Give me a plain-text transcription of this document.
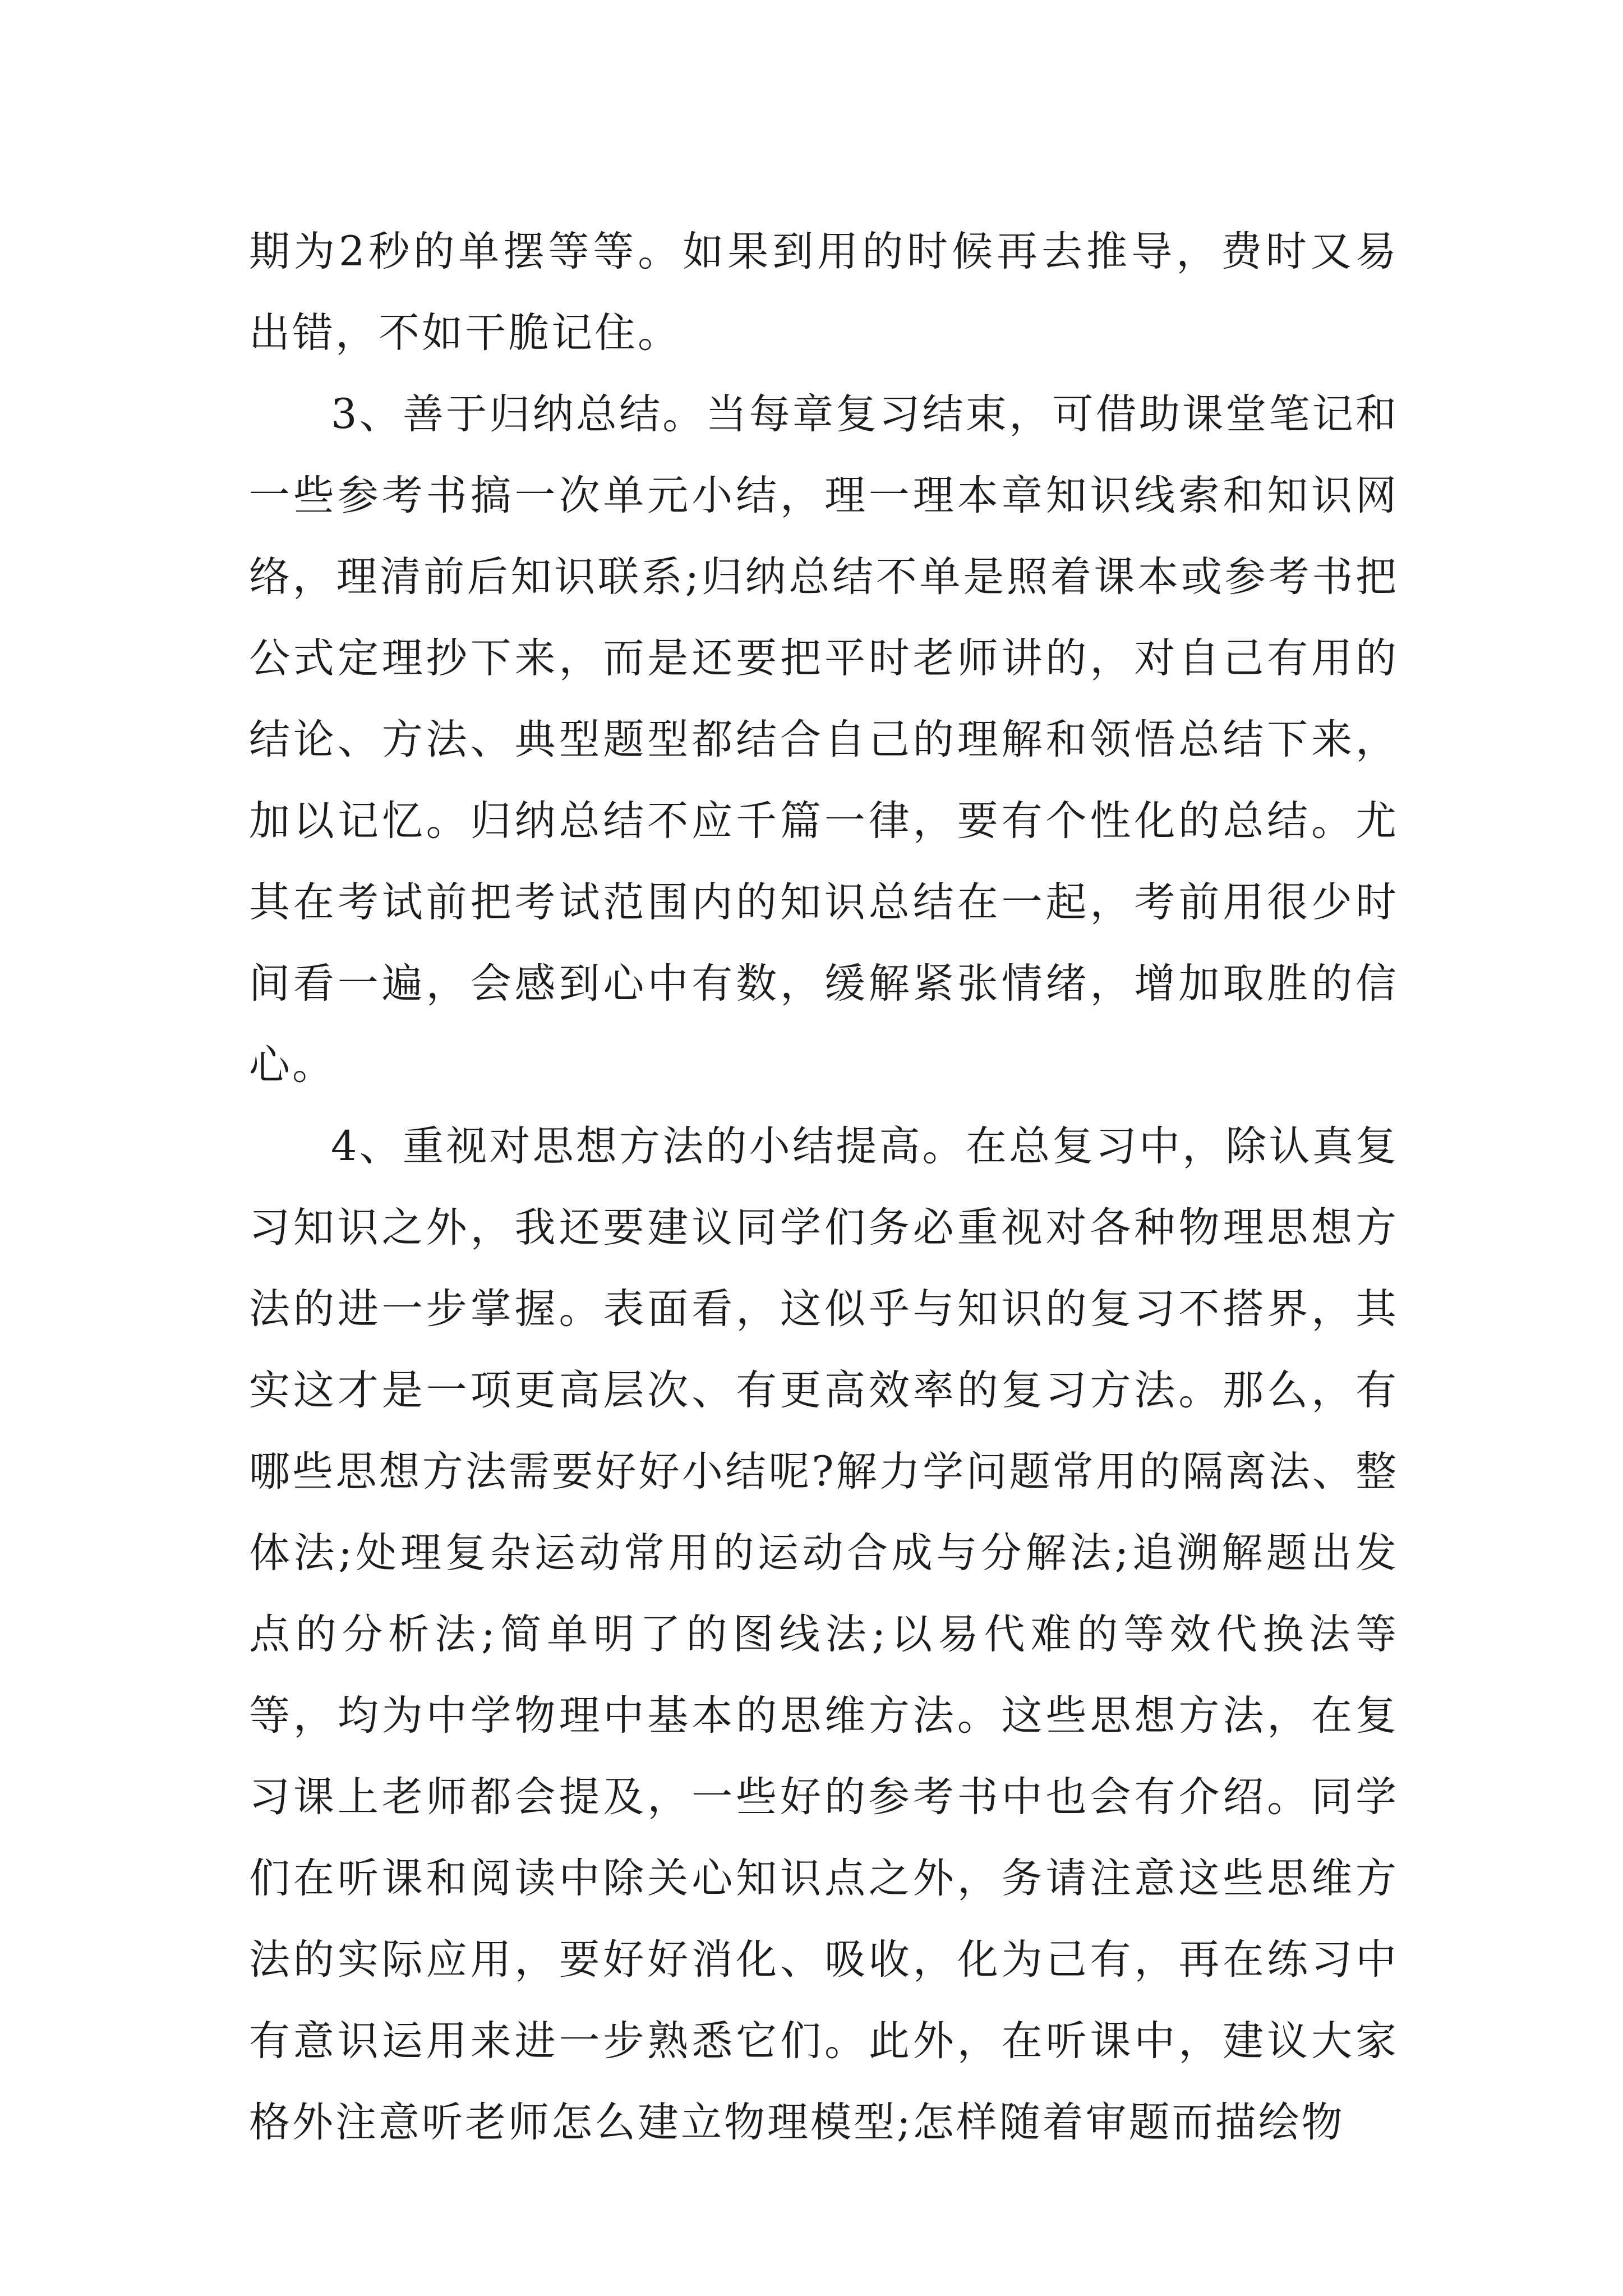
期为2秒的单摆等等。如果到用的时候再去推导，费时又易出错，不如干脆记住。

3、善于归纳总结。当每章复习结束，可借助课堂笔记和一些参考书搞一次单元小结，理一理本章知识线索和知识网络，理清前后知识联系;归纳总结不单是照着课本或参考书把公式定理抄下来，而是还要把平时老师讲的，对自己有用的结论、方法、典型题型都结合自己的理解和领悟总结下来，加以记忆。归纳总结不应千篇一律，要有个性化的总结。尤其在考试前把考试范围内的知识总结在一起，考前用很少时间看一遍，会感到心中有数，缓解紧张情绪，增加取胜的信心。

4、重视对思想方法的小结提高。在总复习中，除认真复习知识之外，我还要建议同学们务必重视对各种物理思想方法的进一步掌握。表面看，这似乎与知识的复习不搭界，其实这才是一项更高层次、有更高效率的复习方法。那么，有哪些思想方法需要好好小结呢?解力学问题常用的隔离法、整体法;处理复杂运动常用的运动合成与分解法;追溯解题出发点的分析法;简单明了的图线法;以易代难的等效代换法等等，均为中学物理中基本的思维方法。这些思想方法，在复习课上老师都会提及，一些好的参考书中也会有介绍。同学们在听课和阅读中除关心知识点之外，务请注意这些思维方法的实际应用，要好好消化、吸收，化为己有，再在练习中有意识运用来进一步熟悉它们。此外，在听课中，建议大家格外注意听老师怎么建立物理模型;怎样随着审题而描绘物
